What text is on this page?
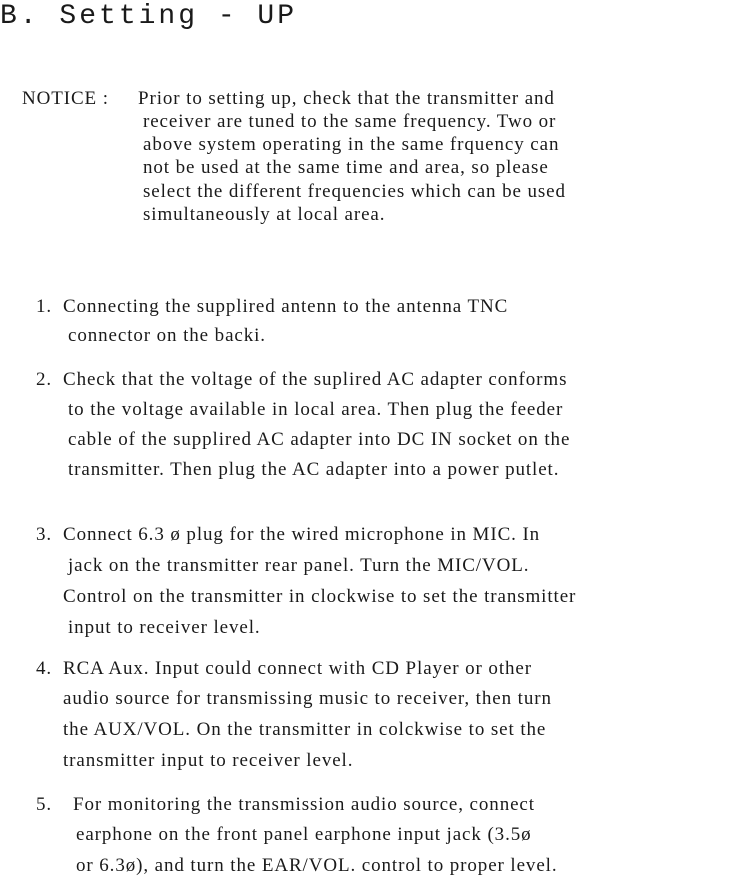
B. Setting - UP
NOTICE : Prior to setting up, check that the transmitter and
receiver are tuned to the same frequency. Two or
above system operating in the same frquency can
not be used at the same time and area, so please
select the different frequencies which can be used
simultaneously at local area.
1. Connecting the supplired antenn to the antenna TNC
connector on the backi.
2. Check that the voltage of the suplired AC adapter conforms
to the voltage available in local area. Then plug the feeder
cable of the supplired AC adapter into DC IN socket on the
transmitter. Then plug the AC adapter into a power putlet.
3. Connect 6.3 ø plug for the wired microphone in MIC. In
jack on the transmitter rear panel. Turn the MIC/VOL.
Control on the transmitter in clockwise to set the transmitter
input to receiver level.
4. RCA Aux. Input could connect with CD Player or other
audio source for transmissing music to receiver, then turn
the AUX/VOL. On the transmitter in colckwise to set the
transmitter input to receiver level.
5. For monitoring the transmission audio source, connect
earphone on the front panel earphone input jack (3.5ø
or 6.3ø), and turn the EAR/VOL. control to proper level.
